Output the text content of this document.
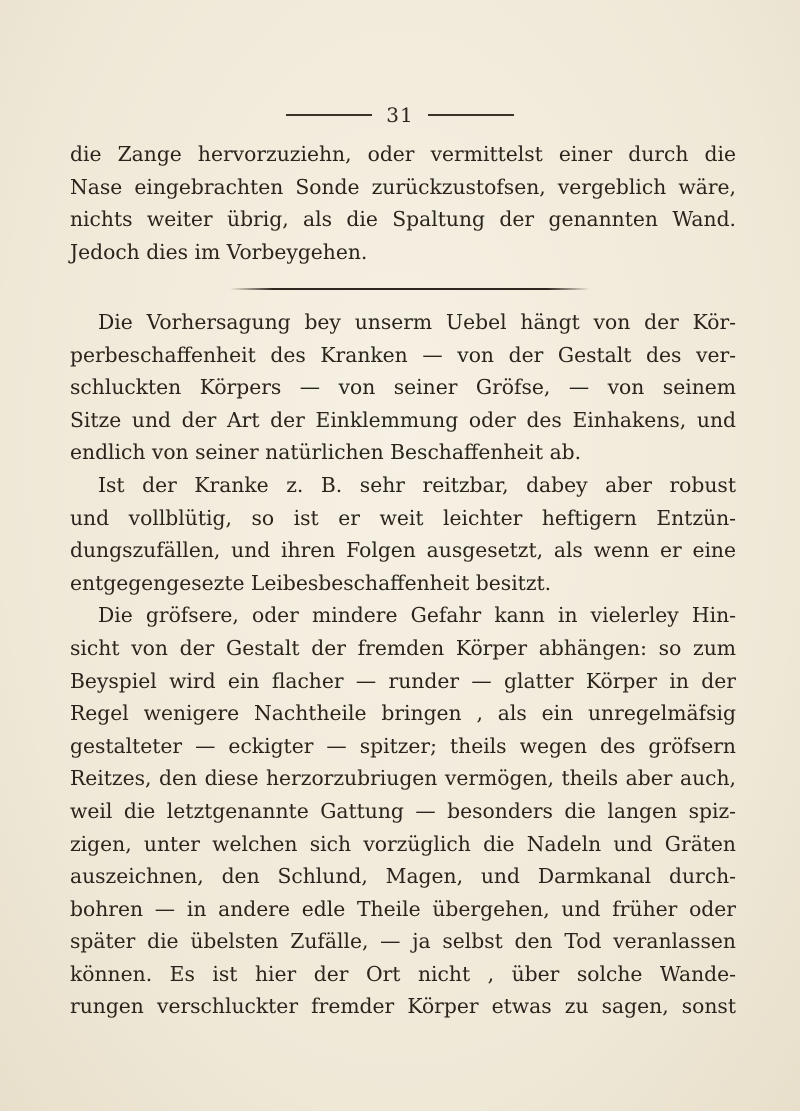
31
die Zange hervorzuziehn, oder vermittelst einer durch die
Nase eingebrachten Sonde zurückzustofsen, vergeblich wäre,
nichts weiter übrig, als die Spaltung der genannten Wand.
Jedoch dies im Vorbeygehen.
Die Vorhersagung bey unserm Uebel hängt von der Kör-
perbeschaffenheit des Kranken — von der Gestalt des ver-
schluckten Körpers — von seiner Gröfse, — von seinem
Sitze und der Art der Einklemmung oder des Einhakens, und
endlich von seiner natürlichen Beschaffenheit ab.
Ist der Kranke z. B. sehr reitzbar, dabey aber robust
und vollblütig, so ist er weit leichter heftigern Entzün-
dungszufällen, und ihren Folgen ausgesetzt, als wenn er eine
entgegengesezte Leibesbeschaffenheit besitzt.
Die gröfsere, oder mindere Gefahr kann in vielerley Hin-
sicht von der Gestalt der fremden Körper abhängen: so zum
Beyspiel wird ein flacher — runder — glatter Körper in der
Regel wenigere Nachtheile bringen , als ein unregelmäfsig
gestalteter — eckigter — spitzer; theils wegen des gröfsern
Reitzes, den diese herzorzubriugen vermögen, theils aber auch,
weil die letztgenannte Gattung — besonders die langen spiz-
zigen, unter welchen sich vorzüglich die Nadeln und Gräten
auszeichnen, den Schlund, Magen, und Darmkanal durch-
bohren — in andere edle Theile übergehen, und früher oder
später die übelsten Zufälle, — ja selbst den Tod veranlassen
können. Es ist hier der Ort nicht , über solche Wande-
rungen verschluckter fremder Körper etwas zu sagen, sonst
